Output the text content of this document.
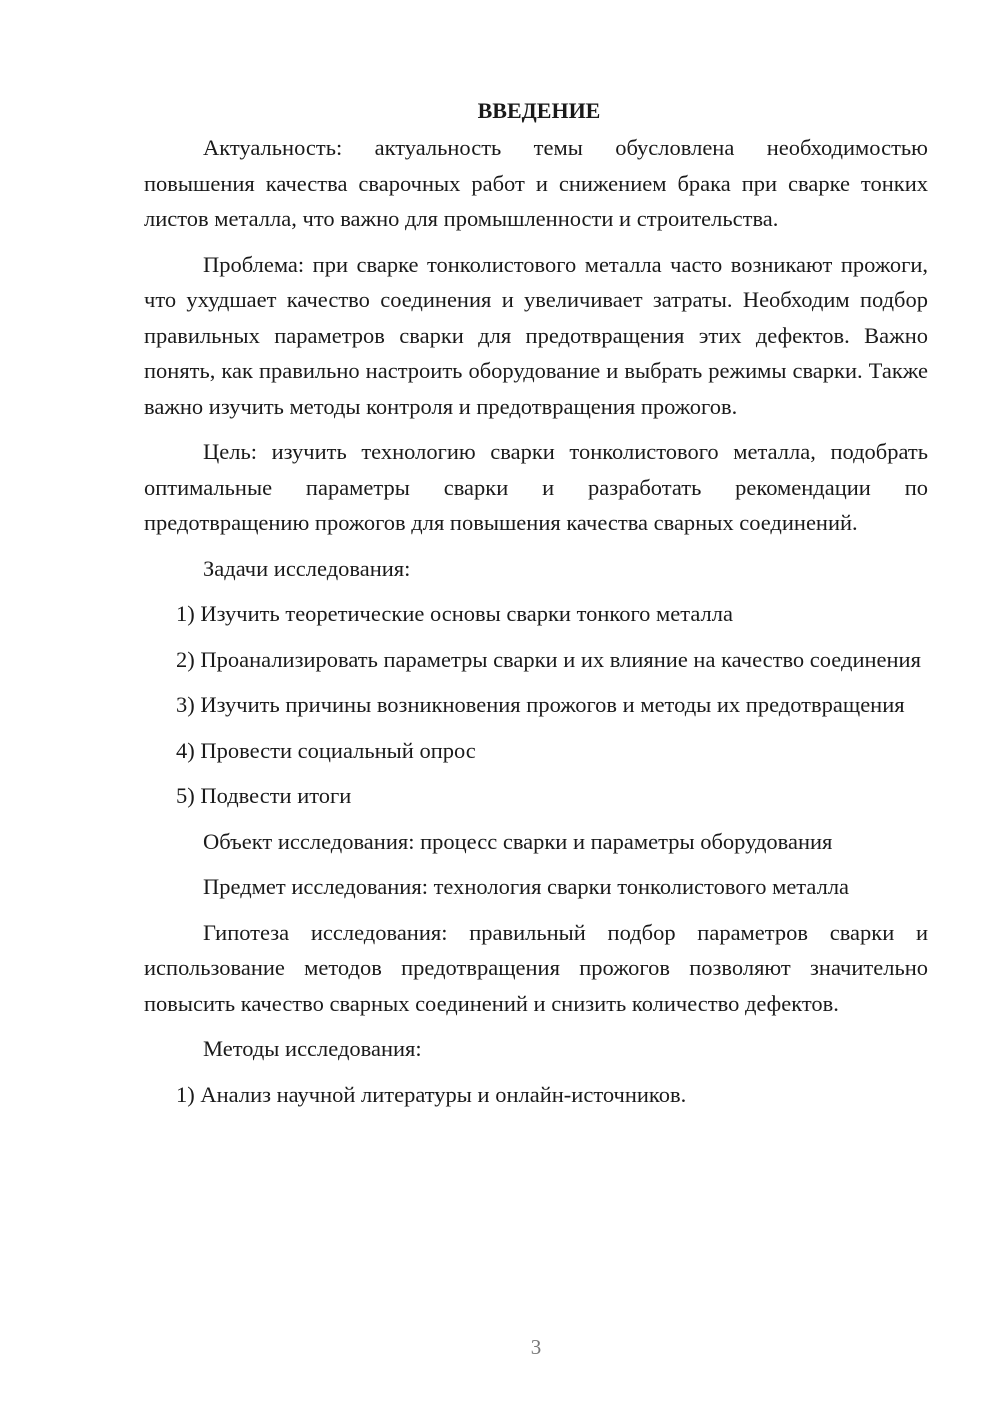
ВВЕДЕНИЕ

Актуальность: актуальность темы обусловлена необходимостью повышения качества сварочных работ и снижением брака при сварке тонких листов металла, что важно для промышленности и строительства.

Проблема: при сварке тонколистового металла часто возникают прожоги, что ухудшает качество соединения и увеличивает затраты. Необходим подбор правильных параметров сварки для предотвращения этих дефектов. Важно понять, как правильно настроить оборудование и выбрать режимы сварки. Также важно изучить методы контроля и предотвращения прожогов.

Цель: изучить технологию сварки тонколистового металла, подобрать оптимальные параметры сварки и разработать рекомендации по предотвращению прожогов для повышения качества сварных соединений.

Задачи исследования:

1) Изучить теоретические основы сварки тонкого металла

2) Проанализировать параметры сварки и их влияние на качество соединения

3) Изучить причины возникновения прожогов и методы их предотвращения

4) Провести социальный опрос

5) Подвести итоги

Объект исследования: процесс сварки и параметры оборудования

Предмет исследования: технология сварки тонколистового металла

Гипотеза исследования: правильный подбор параметров сварки и использование методов предотвращения прожогов позволяют значительно повысить качество сварных соединений и снизить количество дефектов.

Методы исследования:

1) Анализ научной литературы и онлайн-источников.

3
